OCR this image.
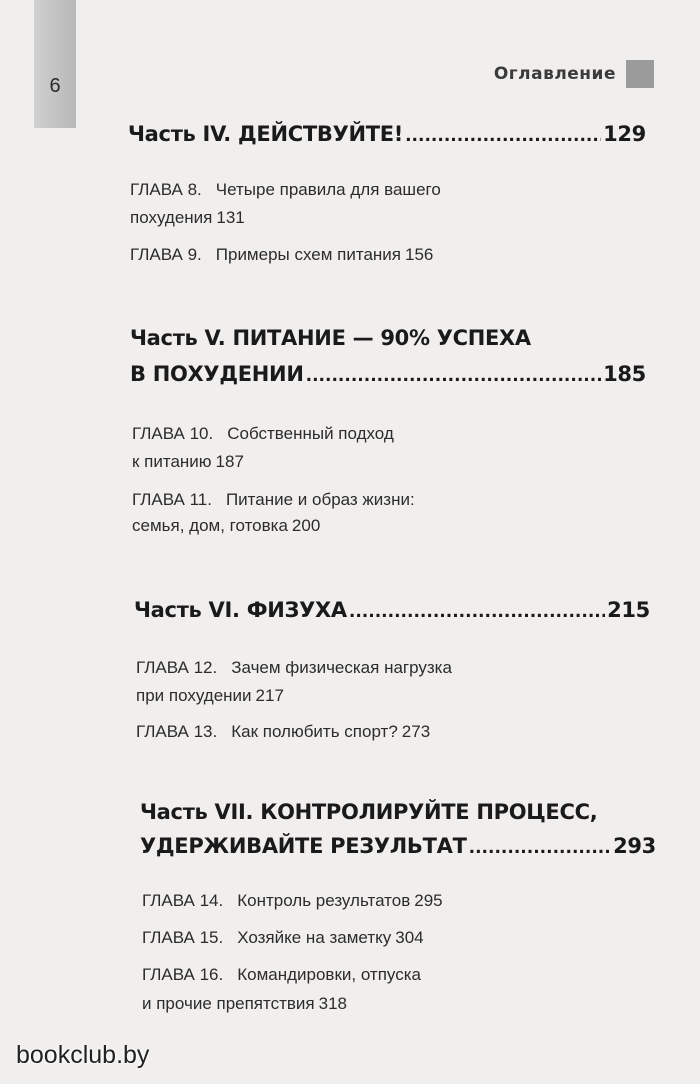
6
Оглавление
Часть IV. ДЕЙСТВУЙТЕ! .....	129
ГЛАВА 8. Четыре правила для вашего
похудения 131
ГЛАВА 9. Примеры схем питания 156
Часть V. ПИТАНИЕ — 90% УСПЕХА
В ПОХУДЕНИИ .....	185
ГЛАВА 10. Собственный подход
к питанию 187
ГЛАВА 11. Питание и образ жизни:
семья, дом, готовка 200
Часть VI. ФИЗУХА .....	215
ГЛАВА 12. Зачем физическая нагрузка
при похудении 217
ГЛАВА 13. Как полюбить спорт? 273
Часть VII. КОНТРОЛИРУЙТЕ ПРОЦЕСС,
УДЕРЖИВАЙТЕ РЕЗУЛЬТАТ .....	293
ГЛАВА 14. Контроль результатов 295
ГЛАВА 15. Хозяйке на заметку 304
ГЛАВА 16. Командировки, отпуска
и прочие препятствия 318
bookclub.by
